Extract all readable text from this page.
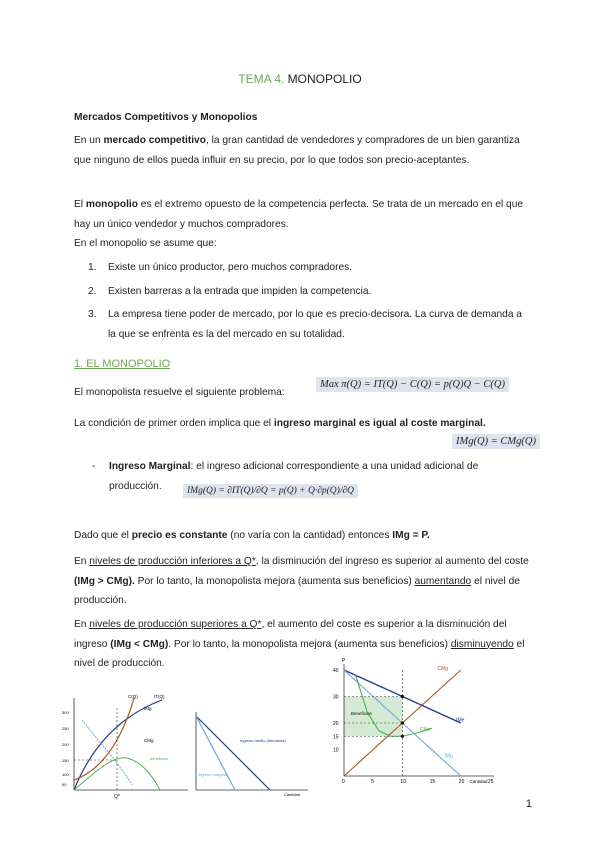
TEMA 4. MONOPOLIO
Mercados Competitivos y Monopolios
En un mercado competitivo, la gran cantidad de vendedores y compradores de un bien garantiza que ninguno de ellos pueda influir en su precio, por lo que todos son precio-aceptantes.
El monopolio es el extremo opuesto de la competencia perfecta. Se trata de un mercado en el que hay un único vendedor y muchos compradores.
En el monopolio se asume que:
1. Existe un único productor, pero muchos compradores.
2. Existen barreras a la entrada que impiden la competencia.
3. La empresa tiene poder de mercado, por lo que es precio-decisora. La curva de demanda a la que se enfrenta es la del mercado en su totalidad.
1. EL MONOPOLIO
El monopolista resuelve el siguiente problema:
Max π(Q) = IT(Q) − C(Q) = p(Q)Q − C(Q)
La condición de primer orden implica que el ingreso marginal es igual al coste marginal.
IMg(Q) = CMg(Q)
-	Ingreso Marginal: el ingreso adicional correspondiente a una unidad adicional de producción.	IMg(Q) = ∂IT(Q)/∂Q = p(Q) + Q·∂p(Q)/∂Q
Dado que el precio es constante (no varía con la cantidad) entonces IMg = P.
En niveles de producción inferiores a Q*, la disminución del ingreso es superior al aumento del coste (IMg > CMg). Por lo tanto, la monopolista mejora (aumenta sus beneficios) aumentando el nivel de producción.
En niveles de producción superiores a Q*, el aumento del coste es superior a la disminución del ingreso (IMg < CMg). Por lo tanto, la monopolista mejora (aumenta sus beneficios) disminuyendo el nivel de producción.
300
250
200
150
100
50
IT(Q)
IMg
C(Q)
CMg
beneficios
Q*
Ingreso medio (demanda)
Ingreso marginal
Cantidad
0	5	10	15	20	25
10
15
20
30
40
P
Cantidad
Beneficios
CMe
IMe
IMg
CMg
1
